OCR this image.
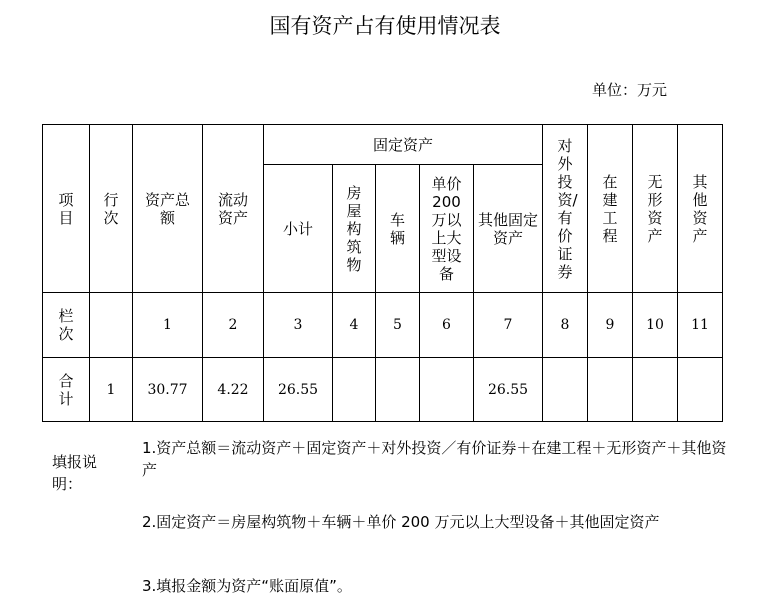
国有资产占有使用情况表
单位：万元
项目	行次	资产总额	流动资产	固定资产					对外投资/有价证券	在建工程	无形资产	其他资产
				小计	房屋构筑物	车辆	单价200万以上大型设备	其他固定资产				
栏次		1	2	3	4	5	6	7	8	9	10	11
合计	1	30.77	4.22	26.55				26.55				
填报说明：
1.资产总额＝流动资产＋固定资产＋对外投资／有价证券＋在建工程＋无形资产＋其他资产
2.固定资产＝房屋构筑物＋车辆＋单价 200 万元以上大型设备＋其他固定资产
3.填报金额为资产“账面原值”。
